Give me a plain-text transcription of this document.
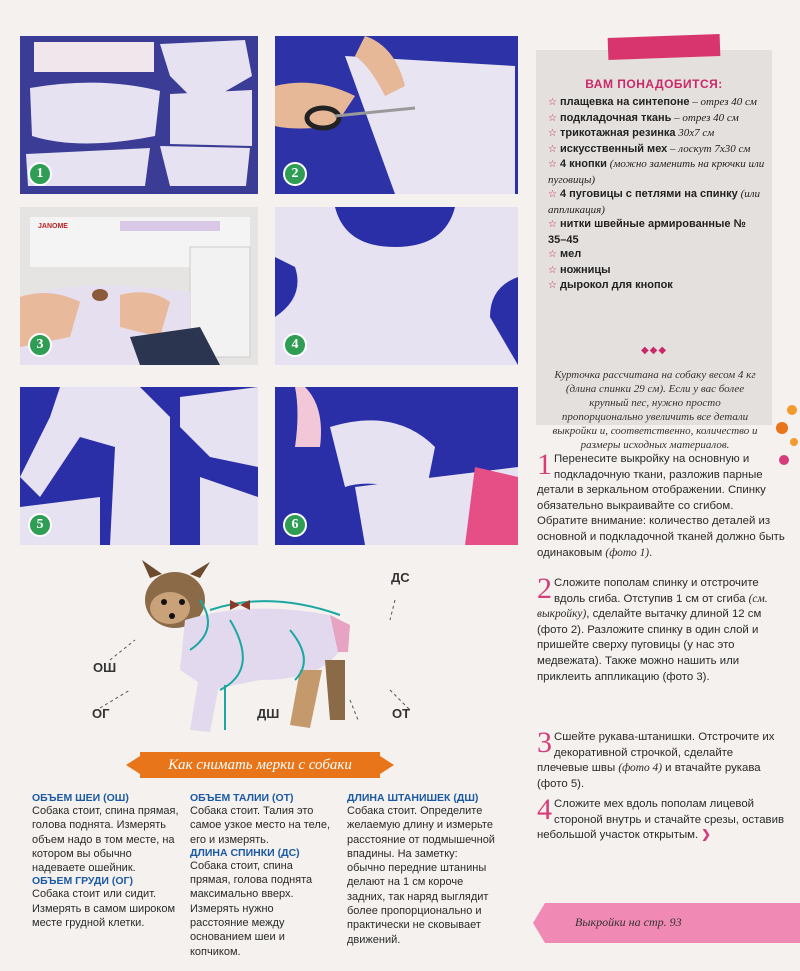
1	2
JANOME
3	4
5	6
ВАМ ПОНАДОБИТСЯ:
☆ плащевка на синтепоне – отрез 40 см
☆ подкладочная ткань – отрез 40 см
☆ трикотажная резинка 30х7 см
☆ искусственный мех – лоскут 7х30 см
☆ 4 кнопки (можно заменить на крючки или пуговицы)
☆ 4 пуговицы с петлями на спинку (или аппликация)
☆ нитки швейные армированные № 35–45
☆ мел
☆ ножницы
☆ дырокол для кнопок
◆◆◆
Курточка рассчитана на собаку весом 4 кг (длина спинки 29 см). Если у вас более крупный пес, нужно просто пропорционально увеличить все детали выкройки и, соответственно, количество и размеры исходных материалов.
1 Перенесите выкройку на основную и подкладочную ткани, разложив парные детали в зеркальном отображении. Спинку обязательно выкраивайте со сгибом. Обратите внимание: количество деталей из основной и подкладочной тканей должно быть одинаковым (фото 1).
2 Сложите пополам спинку и отстрочите вдоль сгиба. Отступив 1 см от сгиба (см. выкройку), сделайте вытачку длиной 12 см (фото 2). Разложите спинку в один слой и пришейте сверху пуговицы (у нас это медвежата). Также можно нашить или приклеить аппликацию (фото 3).
3 Сшейте рукава-штанишки. Отстрочите их декоративной строчкой, сделайте плечевые швы (фото 4) и втачайте рукава (фото 5).
4 Сложите мех вдоль пополам лицевой стороной внутрь и стачайте срезы, оставив небольшой участок открытым. ❯
ДС
ОШ
ОГ	ДШ	ОТ
Как снимать мерки с собаки
ОБЪЕМ ШЕИ (ОШ)

Собака стоит, спина прямая, голова поднята. Измерять объем надо в том месте, на котором вы обычно надеваете ошейник.

ОБЪЕМ ГРУДИ (ОГ)

Собака стоит или сидит. Измерять в самом широком месте грудной клетки.

ОБЪЕМ ТАЛИИ (ОТ)

Собака стоит. Талия это самое узкое место на теле, его и измерять.

ДЛИНА СПИНКИ (ДС)

Собака стоит, спина прямая, голова поднята максимально вверх. Измерять нужно расстояние между основанием шеи и копчиком.

ДЛИНА ШТАНИШЕК (ДШ)

Собака стоит. Определите желаемую длину и измерьте расстояние от подмышечной впадины. На заметку: обычно передние штанины делают на 1 см короче задних, так наряд выглядит более пропорционально и практически не сковывает движений.

Выкройки на стр. 93
